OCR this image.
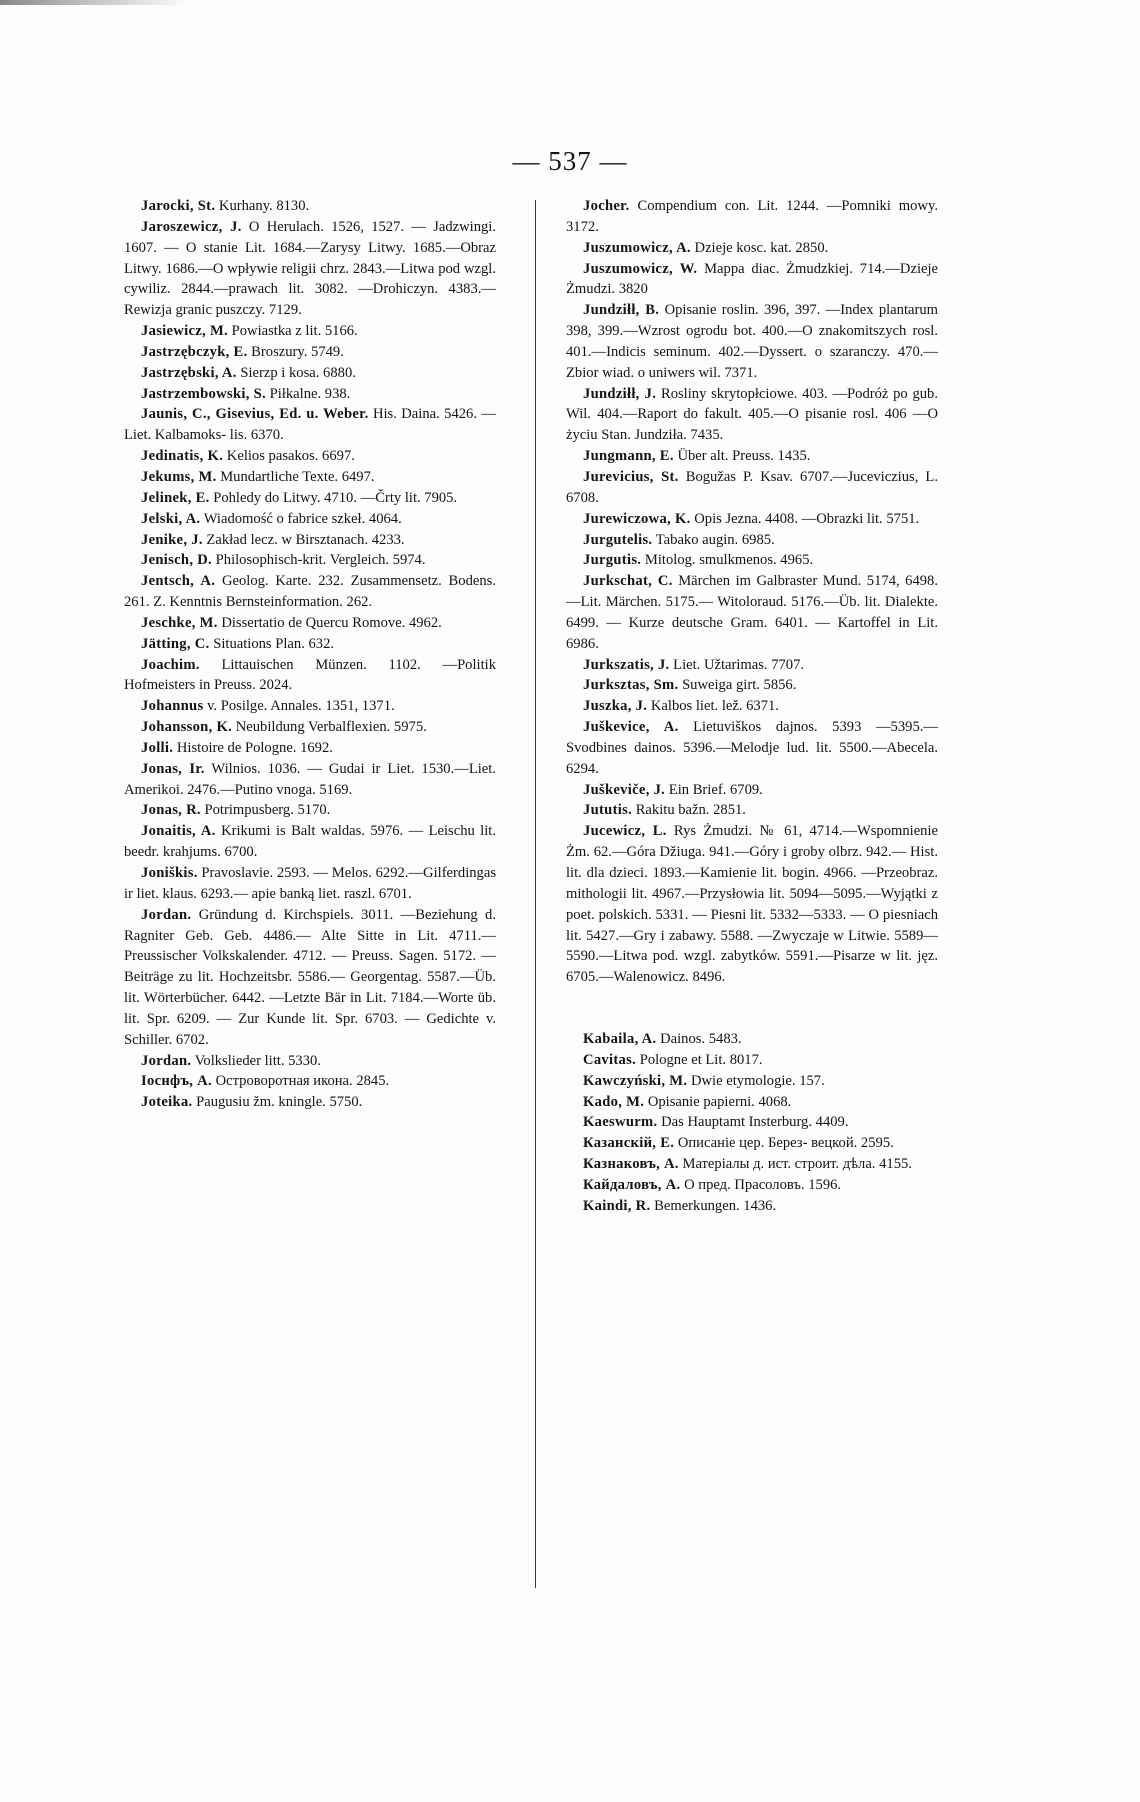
— 537 —

Jarocki, St. Kurhany. 8130.

Jaroszewicz, J. O Herulach. 1526, 1527. — Jadzwingi. 1607. — O stanie Lit. 1684.—Zarysy Litwy. 1685.—Obraz Litwy. 1686.—O wpływie religii chrz. 2843.—Litwa pod wzgl. cywiliz. 2844.—prawach lit. 3082. —Drohiczyn. 4383.—Rewizja granic puszczy. 7129.

Jasiewicz, M. Powiastka z lit. 5166.

Jastrzębczyk, E. Broszury. 5749.

Jastrzębski, A. Sierzp i kosa. 6880.

Jastrzembowski, S. Piłkalne. 938.

Jaunis, C., Gisevius, Ed. u. Weber. His. Daina. 5426. — Liet. Kalbamoks- lis. 6370.

Jedinatis, K. Kelios pasakos. 6697.

Jekums, M. Mundartliche Texte. 6497.

Jelinek, E. Pohledy do Litwy. 4710. —Črty lit. 7905.

Jelski, A. Wiadomość o fabrice szkeł. 4064.

Jenike, J. Zakład lecz. w Birsztanach. 4233.

Jenisch, D. Philosophisch-krit. Vergleich. 5974.

Jentsch, A. Geolog. Karte. 232. Zusammensetz. Bodens. 261. Z. Kenntnis Bernsteinformation. 262.

Jeschke, M. Dissertatio de Quercu Romove. 4962.

Jätting, C. Situations Plan. 632.

Joachim. Littauischen Münzen. 1102. —Politik Hofmeisters in Preuss. 2024.

Johannus v. Posilge. Annales. 1351, 1371.

Johansson, K. Neubildung Verbalflexien. 5975.

Jolli. Histoire de Pologne. 1692.

Jonas, Ir. Wilnios. 1036. — Gudai ir Liet. 1530.—Liet. Amerikoi. 2476.—Putino vnoga. 5169.

Jonas, R. Potrimpusberg. 5170.

Jonaitis, A. Krikumi is Balt waldas. 5976. — Leischu lit. beedr. krahjums. 6700.

Joniškis. Pravoslavie. 2593. — Melos. 6292.—Gilferdingas ir liet. klaus. 6293.— apie banką liet. raszl. 6701.

Jordan. Gründung d. Kirchspiels. 3011. —Beziehung d. Ragniter Geb. Geb. 4486.— Alte Sitte in Lit. 4711.— Preussischer Volkskalender. 4712. — Preuss. Sagen. 5172. — Beiträge zu lit. Hochzeitsbr. 5586.— Georgentag. 5587.—Üb. lit. Wörterbücher. 6442. —Letzte Bär in Lit. 7184.—Worte üb. lit. Spr. 6209. — Zur Kunde lit. Spr. 6703. — Gedichte v. Schiller. 6702.

Jordan. Volkslieder litt. 5330.

Іоснфъ, А. Островоротная икона. 2845.

Joteika. Paugusiu žm. kningle. 5750.

Jocher. Compendium con. Lit. 1244. —Pomniki mowy. 3172.

Juszumowicz, A. Dzieje kosc. kat. 2850.

Juszumowicz, W. Mappa diac. Żmudzkiej. 714.—Dzieje Żmudzi. 3820

Jundziłł, B. Opisanie roslin. 396, 397. —Index plantarum 398, 399.—Wzrost ogrodu bot. 400.—O znakomitszych rosl. 401.—Indicis seminum. 402.—Dyssert. o szaranczy. 470.—Zbior wiad. o uniwers wil. 7371.

Jundziłł, J. Rosliny skrytopłciowe. 403. —Podróż po gub. Wil. 404.—Raport do fakult. 405.—O pisanie rosl. 406 —O życiu Stan. Jundziła. 7435.

Jungmann, E. Über alt. Preuss. 1435.

Jurevicius, St. Bogužas P. Ksav. 6707.—Juceviczius, L. 6708.

Jurewiczowa, K. Opis Jezna. 4408. —Obrazki lit. 5751.

Jurgutelis. Tabako augin. 6985.

Jurgutis. Mitolog. smulkmenos. 4965.

Jurkschat, C. Märchen im Galbraster Mund. 5174, 6498.—Lit. Märchen. 5175.— Witoloraud. 5176.—Üb. lit. Dialekte. 6499. — Kurze deutsche Gram. 6401. — Kartoffel in Lit. 6986.

Jurkszatis, J. Liet. Užtarimas. 7707.

Jurksztas, Sm. Suweiga girt. 5856.

Juszka, J. Kalbos liet. lež. 6371.

Juškevice, A. Lietuviškos dajnos. 5393 —5395.—Svodbines dainos. 5396.—Melodje lud. lit. 5500.—Abecela. 6294.

Juškeviče, J. Ein Brief. 6709.

Jututis. Rakitu bažn. 2851.

Jucewicz, L. Rys Żmudzi. № 61, 4714.—Wspomnienie Żm. 62.—Góra Džiuga. 941.—Góry i groby olbrz. 942.— Hist. lit. dla dzieci. 1893.—Kamienie lit. bogin. 4966. —Przeobraz. mithologii lit. 4967.—Przysłowia lit. 5094—5095.—Wyjątki z poet. polskich. 5331. — Piesni lit. 5332—5333. — O piesniach lit. 5427.—Gry i zabawy. 5588. —Zwyczaje w Litwie. 5589—5590.—Litwa pod. wzgl. zabytków. 5591.—Pisarze w lit. jęz. 6705.—Walenowicz. 8496.

Kabaila, A. Dainos. 5483.

Cavitas. Pologne et Lit. 8017.

Kawczyński, M. Dwie etymologie. 157.

Kado, M. Opisanie papierni. 4068.

Kaeswurm. Das Hauptamt Insterburg. 4409.

Казанскій, Е. Описаніе цер. Берез- вецкой. 2595.

Казнаковъ, А. Матеріалы д. ист. строит. дѣла. 4155.

Кайдаловъ, А. О пред. Прасоловъ. 1596.

Kaindi, R. Bemerkungen. 1436.
